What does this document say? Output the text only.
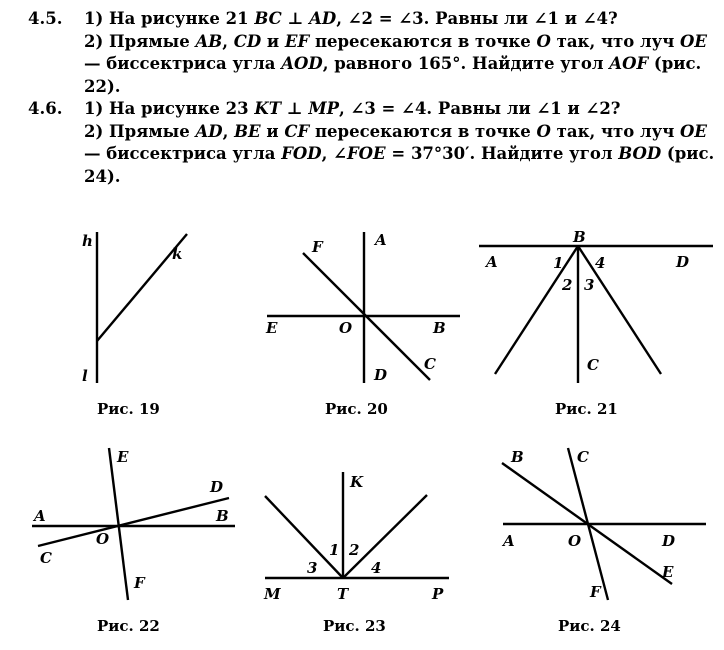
4.5.	1) На рисунке 21 BC ⊥ AD, ∠2 = ∠3. Равны ли ∠1 и ∠4?

2) Прямые AB, CD и EF пересекаются в точке O так, что луч OE — биссектриса угла AOD, равного 165°. Найдите угол AOF (рис. 22).

4.6.	1) На рисунке 23 KT ⊥ MP, ∠3 = ∠4. Равны ли ∠1 и ∠2?

2) Прямые AD, BE и CF пересекаются в точке O так, что луч OE — биссектриса угла FOD, ∠FOE = 37°30′. Найдите угол BOD (рис. 24).

h
k
l
Рис. 19
F	A
E	O	B
C
D
Рис. 20
B
A	1 4	D
2 3
C
Рис. 21
E
D
A	B
O
C
F
Рис. 22
K
1 2
3	4
M	T	P
Рис. 23
B	C
A	O	D
E
F
Рис. 24
